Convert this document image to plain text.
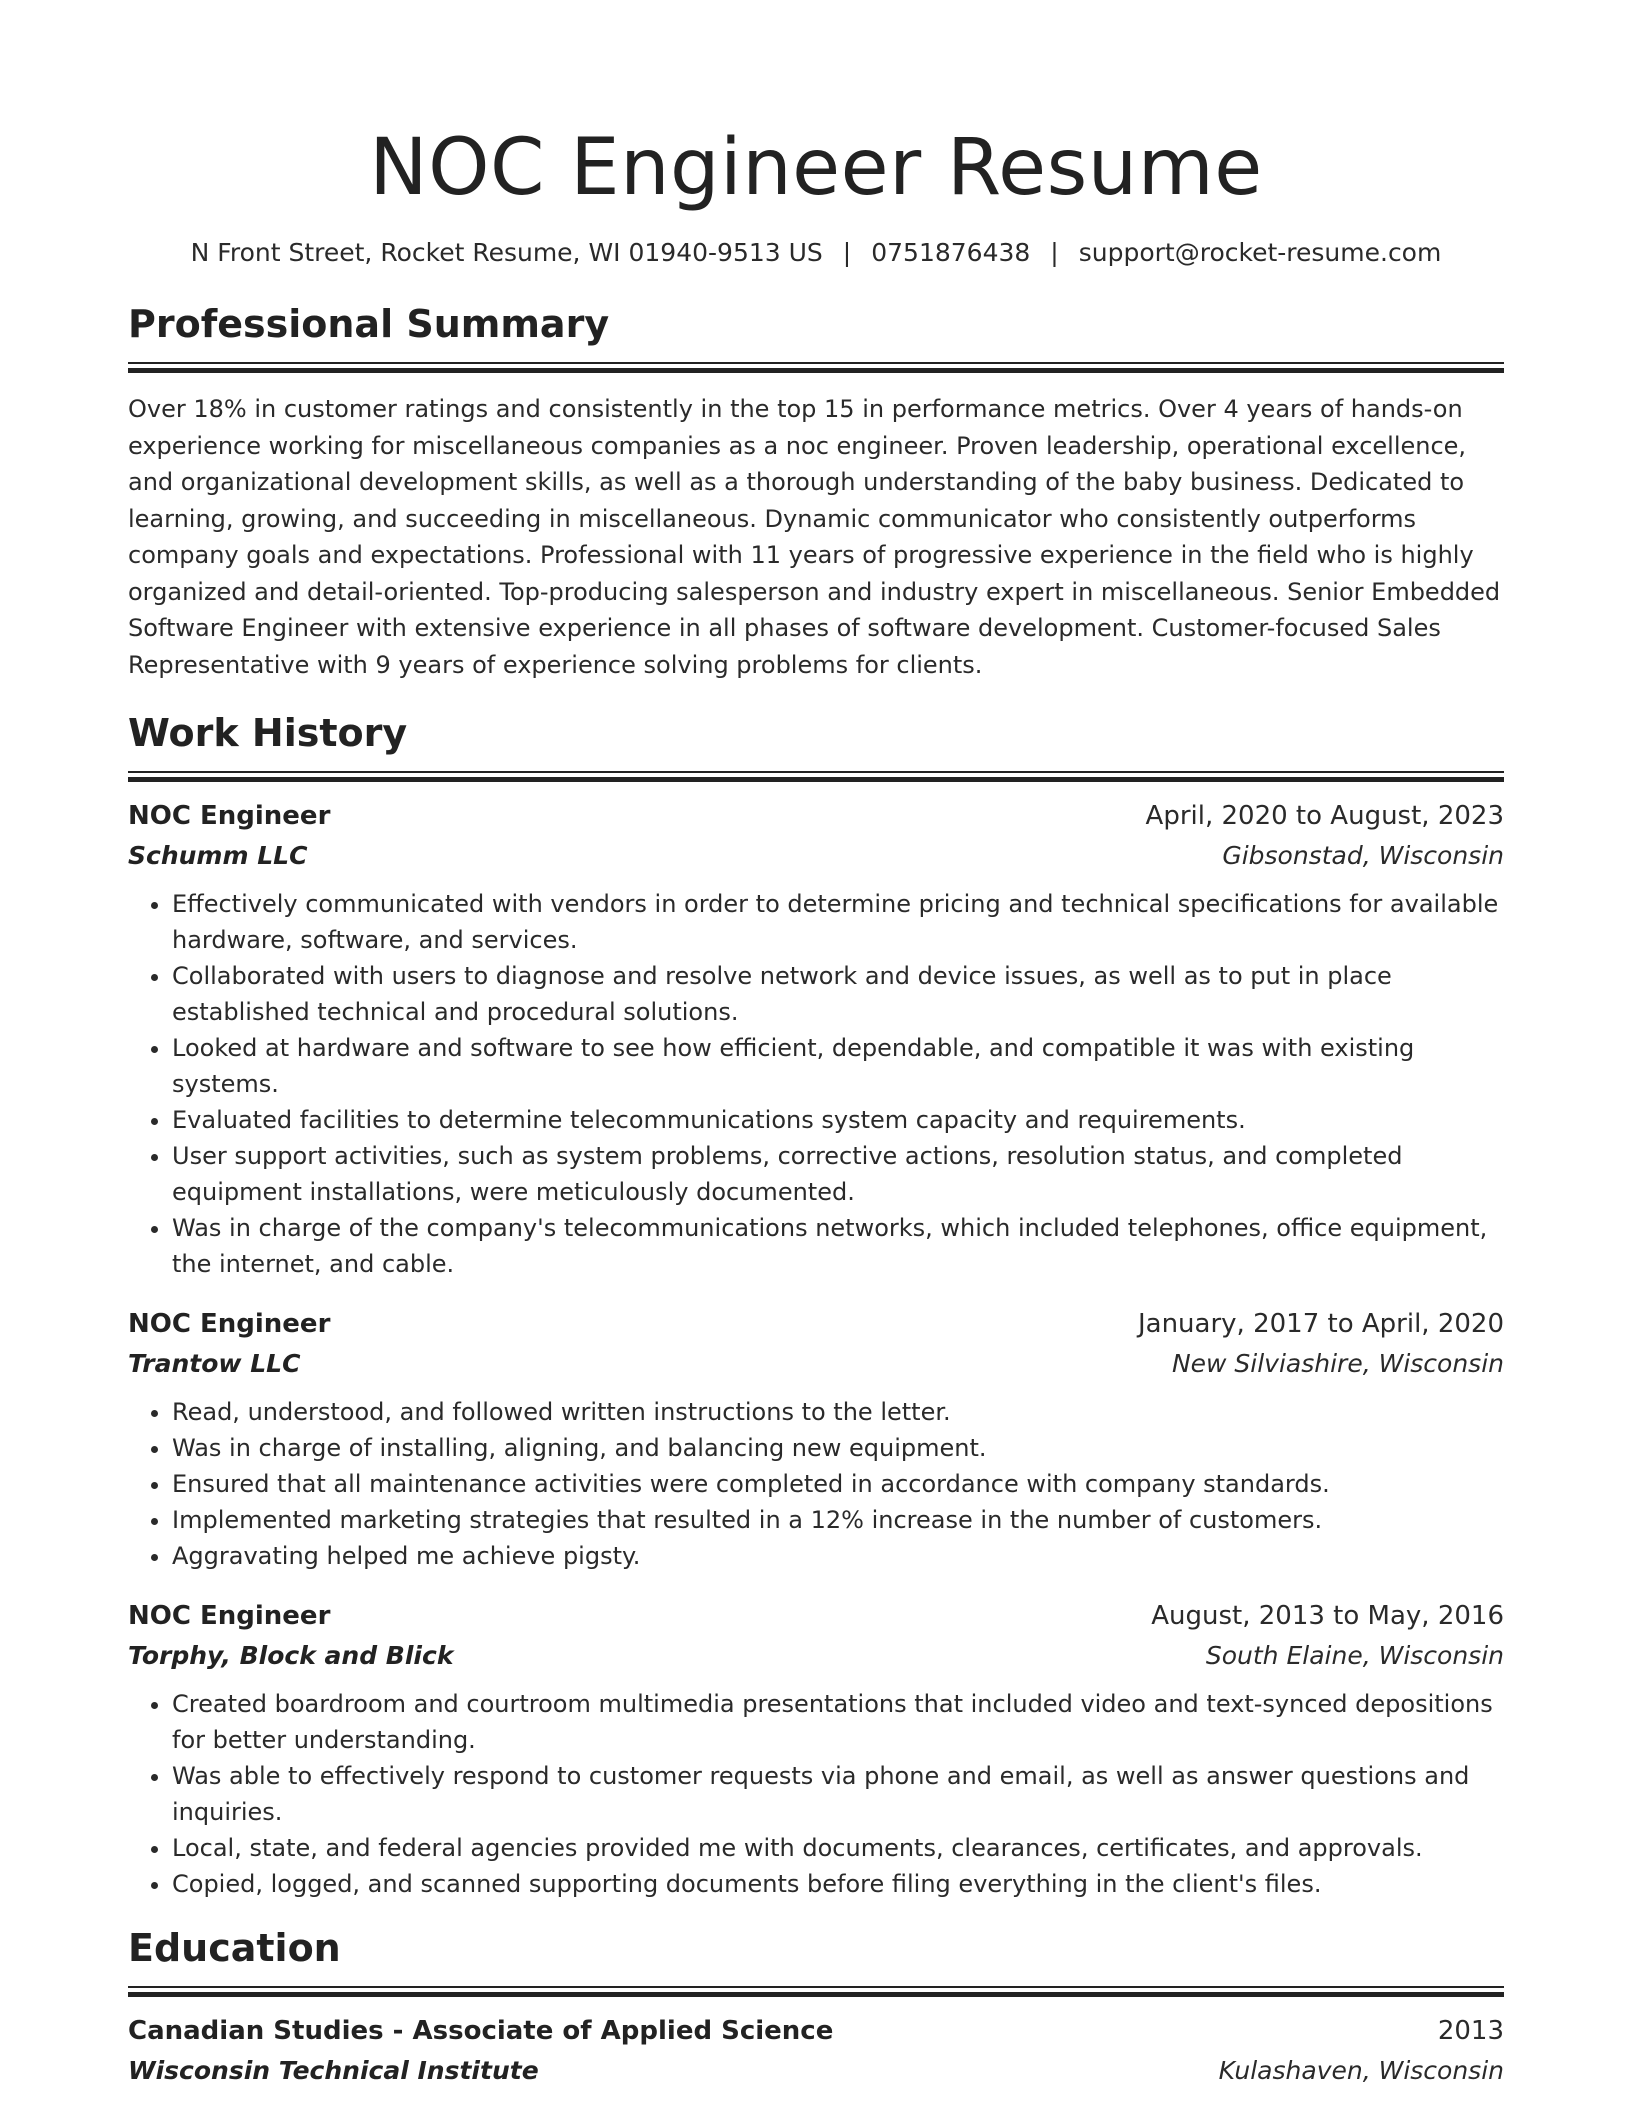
NOC Engineer Resume
N Front Street, Rocket Resume, WI 01940-9513 US | 0751876438 | support@rocket-resume.com
Professional Summary
Over 18% in customer ratings and consistently in the top 15 in performance metrics. Over 4 years of hands-on experience working for miscellaneous companies as a noc engineer. Proven leadership, operational excellence, and organizational development skills, as well as a thorough understanding of the baby business. Dedicated to learning, growing, and succeeding in miscellaneous. Dynamic communicator who consistently outperforms company goals and expectations. Professional with 11 years of progressive experience in the field who is highly organized and detail-oriented. Top-producing salesperson and industry expert in miscellaneous. Senior Embedded Software Engineer with extensive experience in all phases of software development. Customer-focused Sales Representative with 9 years of experience solving problems for clients.
Work History
NOC Engineer	April, 2020 to August, 2023
Schumm LLC	Gibsonstad, Wisconsin
• Effectively communicated with vendors in order to determine pricing and technical specifications for available hardware, software, and services.
• Collaborated with users to diagnose and resolve network and device issues, as well as to put in place established technical and procedural solutions.
• Looked at hardware and software to see how efficient, dependable, and compatible it was with existing systems.
• Evaluated facilities to determine telecommunications system capacity and requirements.
• User support activities, such as system problems, corrective actions, resolution status, and completed equipment installations, were meticulously documented.
• Was in charge of the company's telecommunications networks, which included telephones, office equipment, the internet, and cable.
NOC Engineer	January, 2017 to April, 2020
Trantow LLC	New Silviashire, Wisconsin
• Read, understood, and followed written instructions to the letter.
• Was in charge of installing, aligning, and balancing new equipment.
• Ensured that all maintenance activities were completed in accordance with company standards.
• Implemented marketing strategies that resulted in a 12% increase in the number of customers.
• Aggravating helped me achieve pigsty.
NOC Engineer	August, 2013 to May, 2016
Torphy, Block and Blick	South Elaine, Wisconsin
• Created boardroom and courtroom multimedia presentations that included video and text-synced depositions for better understanding.
• Was able to effectively respond to customer requests via phone and email, as well as answer questions and inquiries.
• Local, state, and federal agencies provided me with documents, clearances, certificates, and approvals.
• Copied, logged, and scanned supporting documents before filing everything in the client's files.
Education
Canadian Studies - Associate of Applied Science	2013
Wisconsin Technical Institute	Kulashaven, Wisconsin
